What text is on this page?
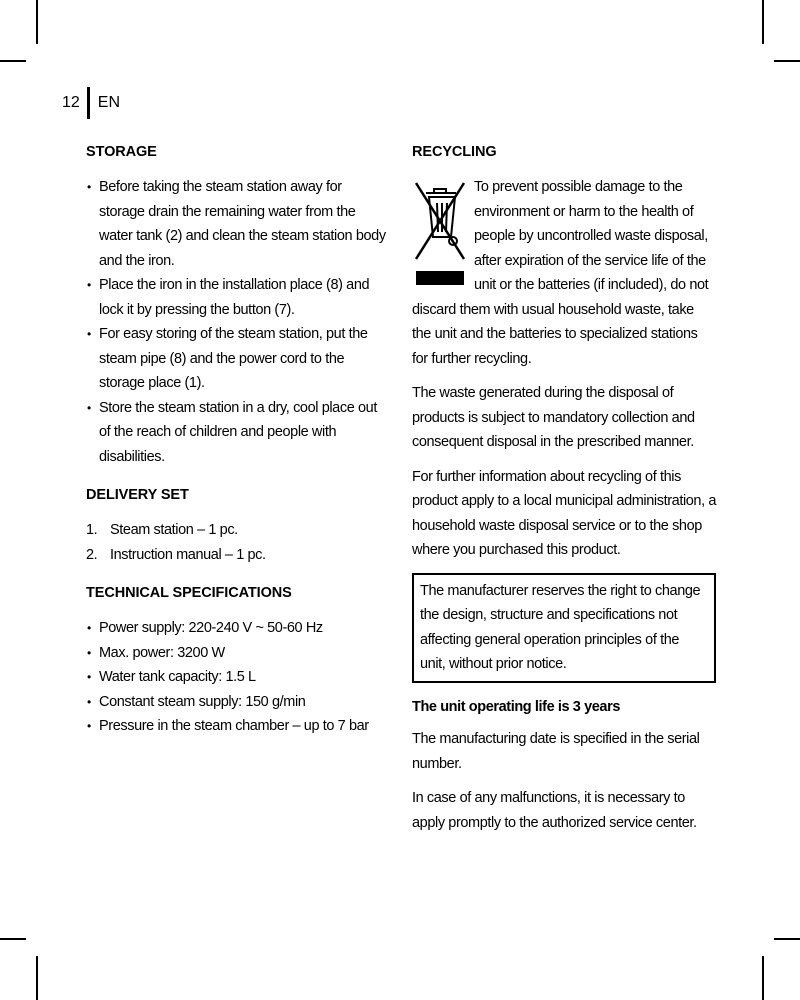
12	EN
STORAGE
• Before taking the steam station away for storage drain the remaining water from the water tank (2) and clean the steam station body and the iron.
• Place the iron in the installation place (8) and lock it by pressing the button (7).
• For easy storing of the steam station, put the steam pipe (8) and the power cord to the storage place (1).
• Store the steam station in a dry, cool place out of the reach of children and people with disabilities.
DELIVERY SET
1. Steam station – 1 pc.
2. Instruction manual – 1 pc.
TECHNICAL SPECIFICATIONS
• Power supply: 220-240 V ~ 50-60 Hz
• Max. power: 3200 W
• Water tank capacity: 1.5 L
• Constant steam supply: 150 g/min
• Pressure in the steam chamber – up to 7 bar
RECYCLING

To prevent possible damage to the environment or harm to the health of people by uncontrolled waste disposal, after expiration of the service life of the unit or the batteries (if included), do not discard them with usual household waste, take the unit and the batteries to specialized stations for further recycling.

The waste generated during the disposal of products is subject to mandatory collection and consequent disposal in the prescribed manner.

For further information about recycling of this product apply to a local municipal administration, a household waste disposal service or to the shop where you purchased this product.

The manufacturer reserves the right to change the design, structure and specifications not affecting general operation principles of the unit, without prior notice.

The unit operating life is 3 years

The manufacturing date is specified in the serial number.

In case of any malfunctions, it is necessary to apply promptly to the authorized service center.
